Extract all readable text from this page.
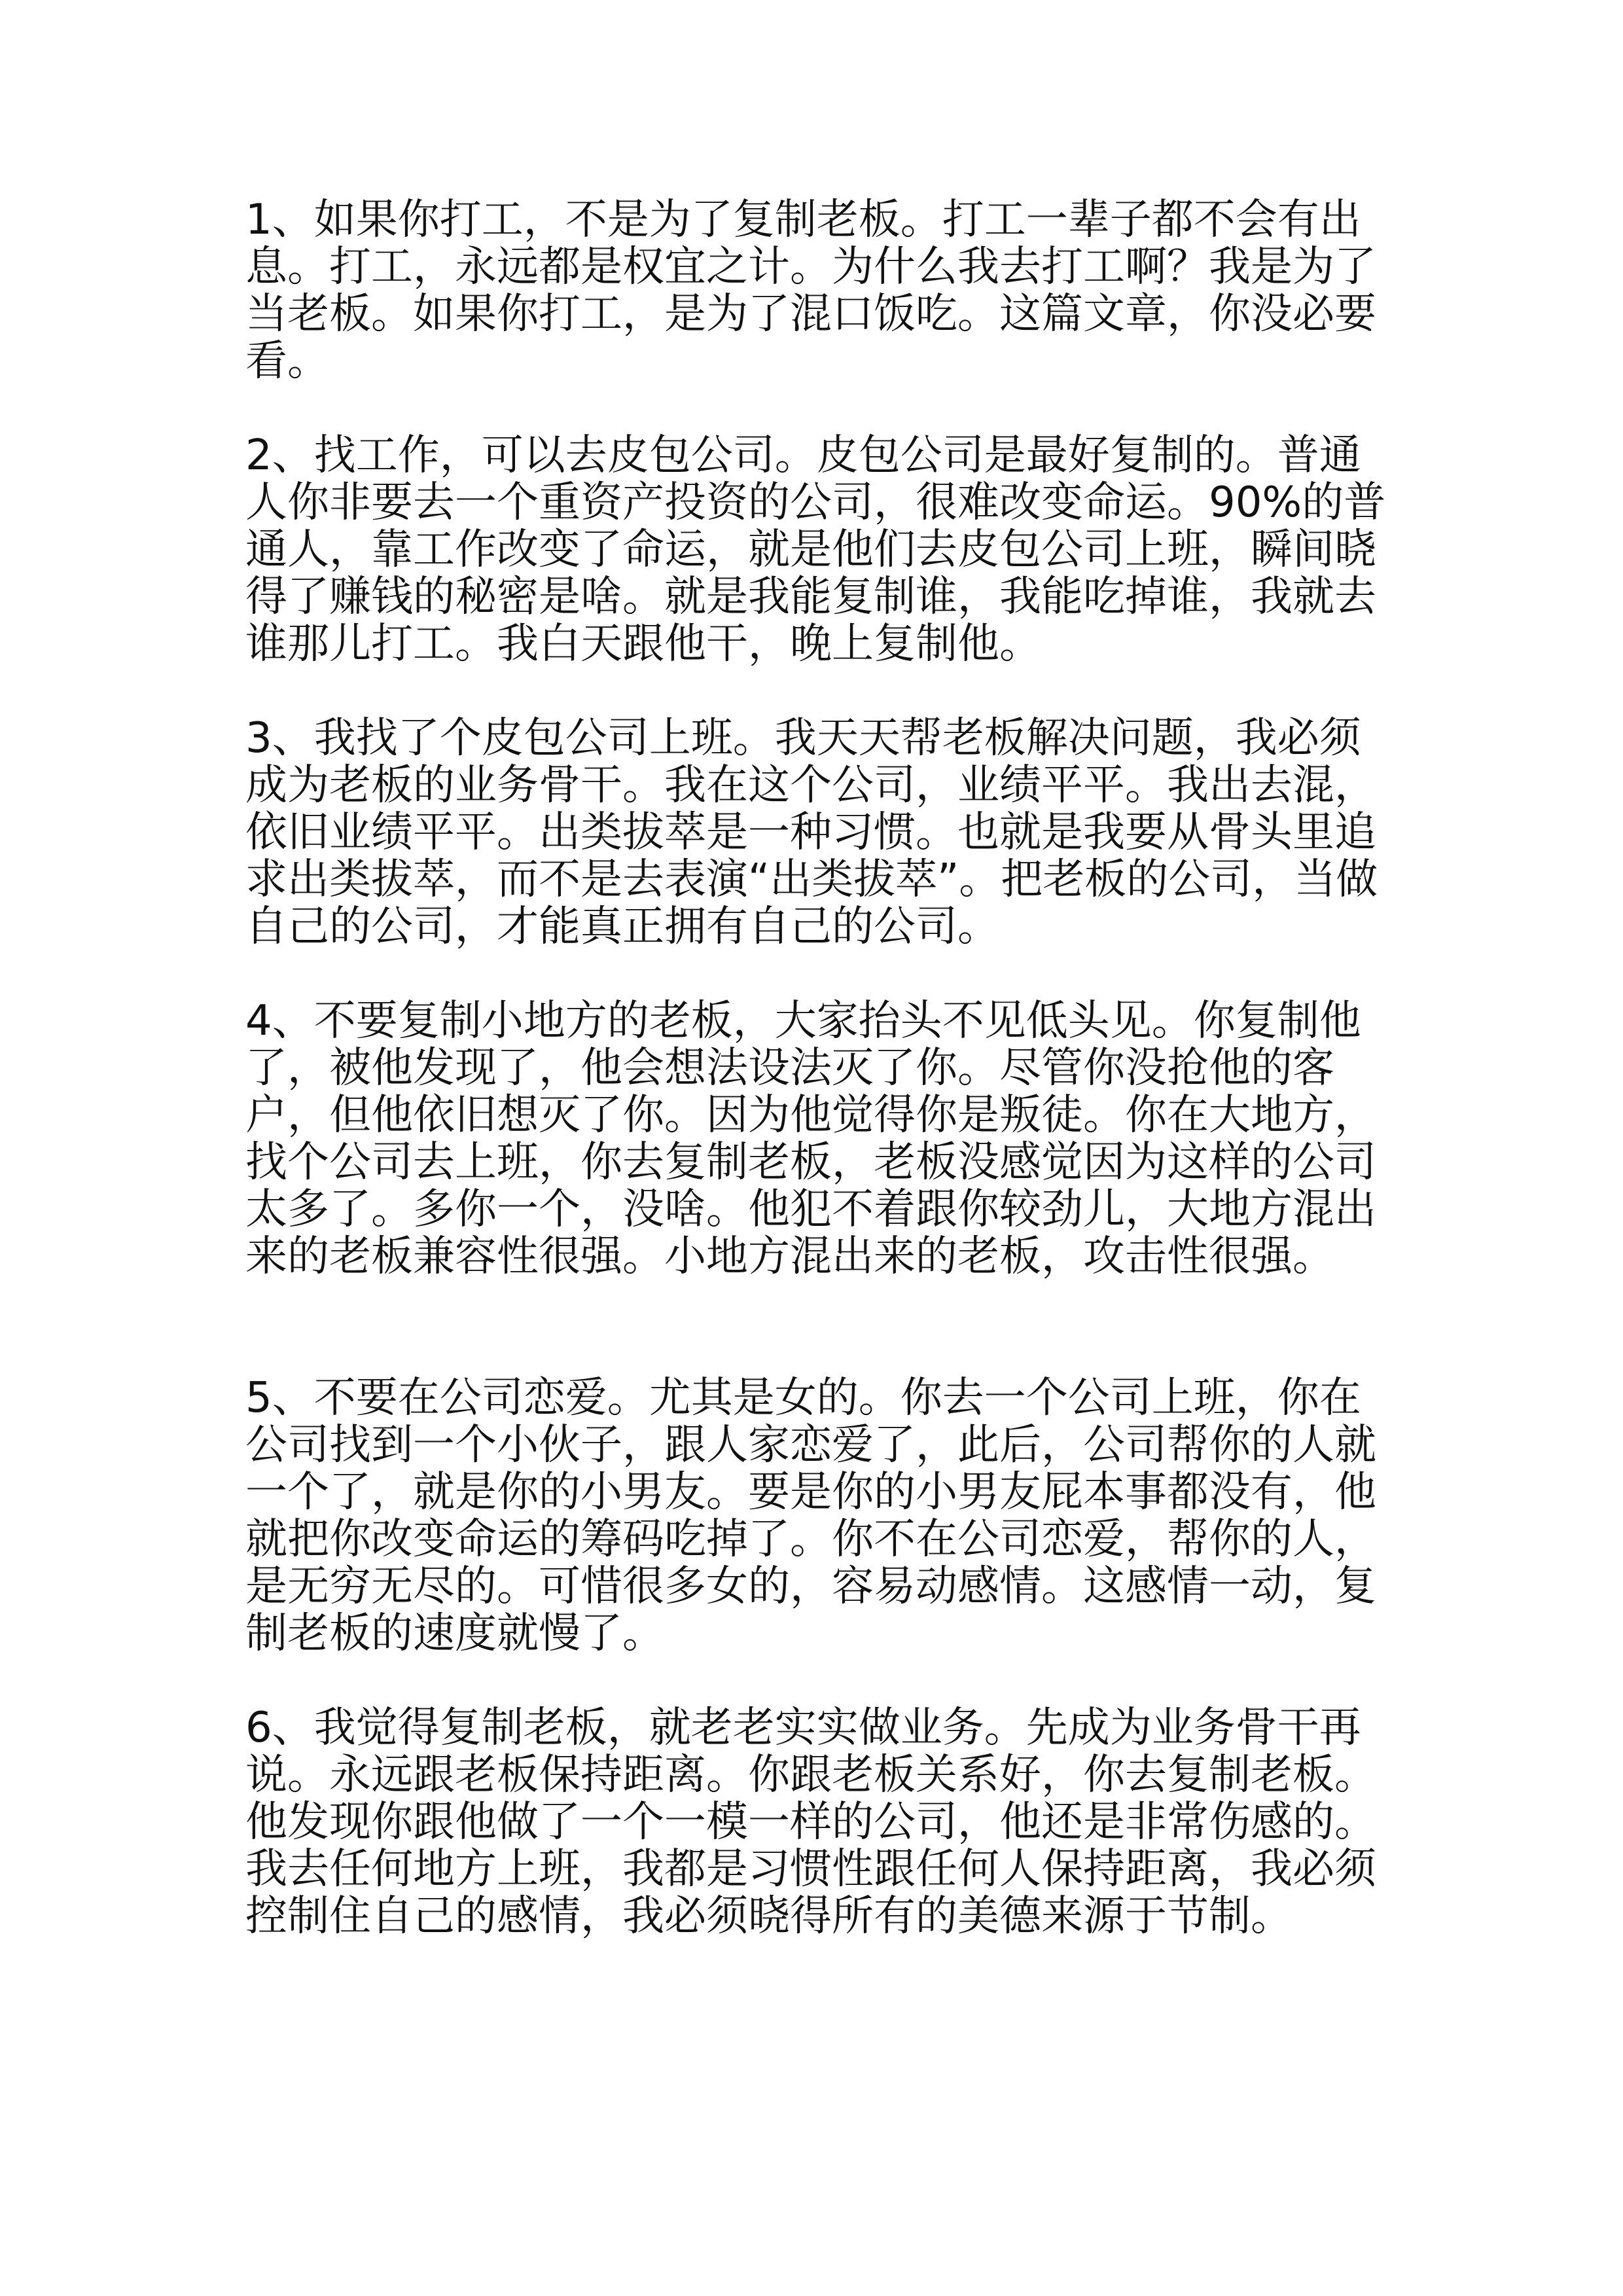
1、如果你打工，不是为了复制老板。打工一辈子都不会有出息。打工，永远都是权宜之计。为什么我去打工啊？我是为了当老板。如果你打工，是为了混口饭吃。这篇文章，你没必要看。

2、找工作，可以去皮包公司。皮包公司是最好复制的。普通人你非要去一个重资产投资的公司，很难改变命运。90%的普通人，靠工作改变了命运，就是他们去皮包公司上班，瞬间晓得了赚钱的秘密是啥。就是我能复制谁，我能吃掉谁，我就去谁那儿打工。我白天跟他干，晚上复制他。

3、我找了个皮包公司上班。我天天帮老板解决问题，我必须成为老板的业务骨干。我在这个公司，业绩平平。我出去混，依旧业绩平平。出类拔萃是一种习惯。也就是我要从骨头里追求出类拔萃，而不是去表演“出类拔萃”。把老板的公司，当做自己的公司，才能真正拥有自己的公司。

4、不要复制小地方的老板，大家抬头不见低头见。你复制他了，被他发现了，他会想法设法灭了你。尽管你没抢他的客户，但他依旧想灭了你。因为他觉得你是叛徒。你在大地方，找个公司去上班，你去复制老板，老板没感觉因为这样的公司太多了。多你一个，没啥。他犯不着跟你较劲儿，大地方混出来的老板兼容性很强。小地方混出来的老板，攻击性很强。

5、不要在公司恋爱。尤其是女的。你去一个公司上班，你在公司找到一个小伙子，跟人家恋爱了，此后，公司帮你的人就一个了，就是你的小男友。要是你的小男友屁本事都没有，他就把你改变命运的筹码吃掉了。你不在公司恋爱，帮你的人，是无穷无尽的。可惜很多女的，容易动感情。这感情一动，复制老板的速度就慢了。

6、我觉得复制老板，就老老实实做业务。先成为业务骨干再说。永远跟老板保持距离。你跟老板关系好，你去复制老板。他发现你跟他做了一个一模一样的公司，他还是非常伤感的。我去任何地方上班，我都是习惯性跟任何人保持距离，我必须控制住自己的感情，我必须晓得所有的美德来源于节制。
